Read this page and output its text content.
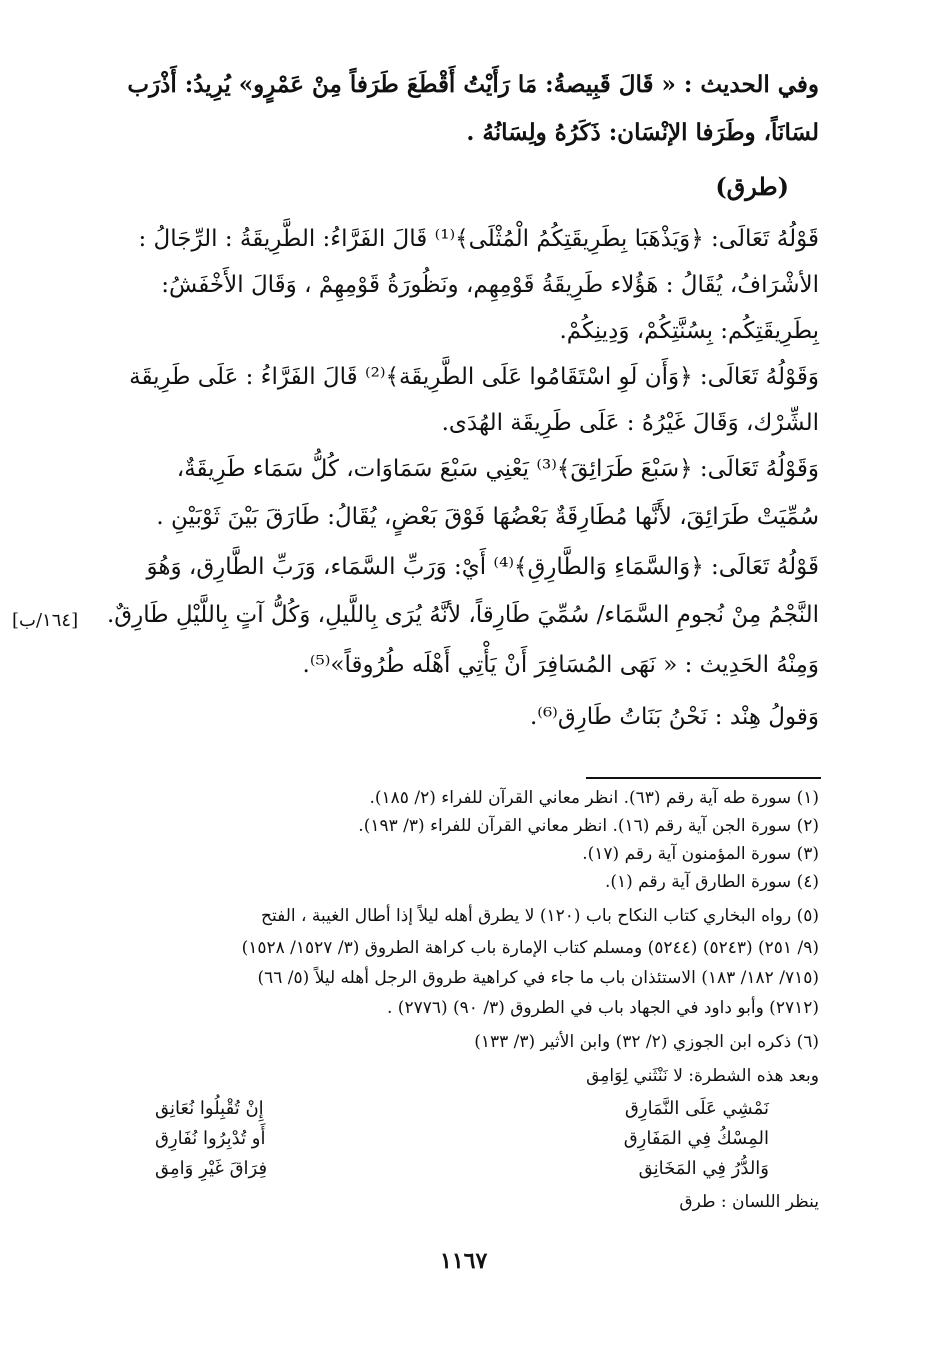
وفي الحديث : « قَالَ قَبِيصةُ: مَا رَأَيْتُ أَقْطَعَ طَرَفاً مِنْ عَمْرٍو» يُرِيدُ: أَذْرَب
لسَانَاً، وطَرَفا الإنْسَان: ذَكَرُهُ ولِسَانُهُ .
(طرق)
قَوْلُهُ تَعَالَى: ﴿وَيَذْهَبَا بِطَرِيقَتِكُمُ الْمُثْلَى﴾⁽¹⁾ قَالَ الفَرَّاءُ: الطَّرِيقَةُ : الرِّجَالُ :
الأشْرَافُ، يُقَالُ : هَؤُلاء طَرِيقَةُ قَوْمِهِم، ونَظُورَةُ قَوْمِهِمْ ، وَقَالَ الأَخْفَشُ:
بِطَرِيقَتِكُم: بِسُنَّتِكُمْ، وَدِينِكُمْ.
وَقَوْلُهُ تَعَالَى: ﴿وَأَن لَوِ اسْتَقَامُوا عَلَى الطَّرِيقَة﴾⁽²⁾ قَالَ الفَرَّاءُ : عَلَى طَرِيقَة
الشِّرْك، وَقَالَ غَيْرُهُ : عَلَى طَرِيقَة الهُدَى.
وَقَوْلُهُ تَعَالَى: ﴿سَبْعَ طَرَائِقَ﴾⁽³⁾ يَعْنِي سَبْعَ سَمَاوَات، كُلُّ سَمَاء طَرِيقَةٌ،
سُمِّيَتْ طَرَائِقَ، لأَنَّها مُطَارِقَةٌ بَعْضُهَا فَوْقَ بَعْضٍ، يُقَالُ: طَارَقَ بَيْنَ ثَوْبَيْنِ .
قَوْلُهُ تَعَالَى: ﴿وَالسَّمَاءِ وَالطَّارِقِ﴾⁽⁴⁾ أَيْ: وَرَبِّ السَّمَاء، وَرَبِّ الطَّارِق، وَهُوَ
النَّجْمُ مِنْ نُجومِ السَّمَاء/ سُمِّيَ طَارِقاً، لأنَّهُ يُرَى بِاللَّيلِ، وَكُلُّ آتٍ بِاللَّيْلِ طَارِقٌ.
وَمِنْهُ الحَدِيث : « نَهَى المُسَافِرَ أَنْ يَأْتِي أَهْلَه طُرُوقاً»⁽⁵⁾.
وَقولُ هِنْد : نَحْنُ بَنَاتُ طَارِق⁽⁶⁾.
[١٦٤/ب]
(١) سورة طه آية رقم (٦٣). انظر معاني القرآن للفراء (٢/ ١٨٥).
(٢) سورة الجن آية رقم (١٦). انظر معاني القرآن للفراء (٣/ ١٩٣).
(٣) سورة المؤمنون آية رقم (١٧).
(٤) سورة الطارق آية رقم (١).
(٥) رواه البخاري كتاب النكاح باب (١٢٠) لا يطرق أهله ليلاً إذا أطال الغيبة ، الفتح
(٩/ ٢٥١) (٥٢٤٣) (٥٢٤٤) ومسلم كتاب الإمارة باب كراهة الطروق (٣/ ١٥٢٧/ ١٥٢٨)
(٧١٥/ ١٨٢/ ١٨٣) الاستئذان باب ما جاء في كراهية طروق الرجل أهله ليلاً (٥/ ٦٦)
(٢٧١٢) وأبو داود في الجهاد باب في الطروق (٣/ ٩٠) (٢٧٧٦) .
(٦) ذكره ابن الجوزي (٢/ ٣٢) وابن الأثير (٣/ ١٣٣)
وبعد هذه الشطرة: لا نَنْثَني لِوَامِق
نَمْشِي عَلَى النَّمَارِق
إِنْ تُقْبِلُوا نُعَانِق
المِسْكُ فِي المَفَارِق
أَو تُدْبِرُوا نُفَارِق
وَالدُّرُ فِي المَخَانِق
فِرَاقَ غَيْرِ وَامِق
ينظر اللسان : طرق
١١٦٧
